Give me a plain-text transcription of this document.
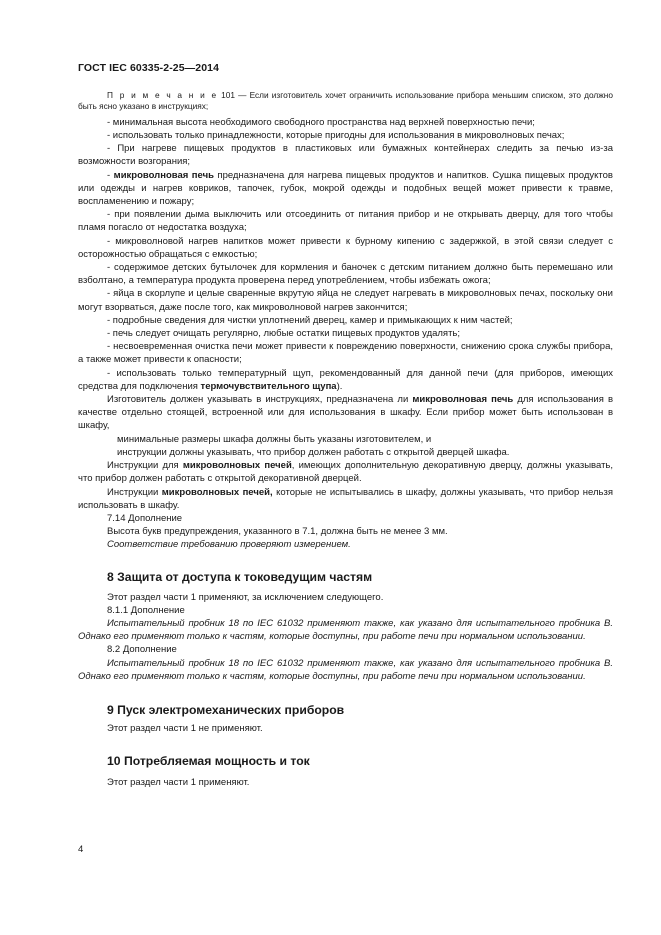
ГОСТ IEC 60335-2-25—2014

П р и м е ч а н и е 101 — Если изготовитель хочет ограничить использование прибора меньшим списком, это должно быть ясно указано в инструкциях;

- минимальная высота необходимого свободного пространства над верхней поверхностью печи;

- использовать только принадлежности, которые пригодны для использования в микроволновых печах;

- При нагреве пищевых продуктов в пластиковых или бумажных контейнерах следить за печью из-за возможности возгорания;

- микроволновая печь предназначена для нагрева пищевых продуктов и напитков. Сушка пищевых продуктов или одежды и нагрев ковриков, тапочек, губок, мокрой одежды и подобных вещей может привести к травме, воспламенению и пожару;

- при появлении дыма выключить или отсоединить от питания прибор и не открывать дверцу, для того чтобы пламя погасло от недостатка воздуха;

- микроволновой нагрев напитков может привести к бурному кипению с задержкой, в этой связи следует с осторожностью обращаться с емкостью;

- содержимое детских бутылочек для кормления и баночек с детским питанием должно быть перемешано или взболтано, а температура продукта проверена перед употреблением, чтобы избежать ожога;

- яйца в скорлупе и целые сваренные вкрутую яйца не следует нагревать в микроволновых печах, поскольку они могут взорваться, даже после того, как микроволновой нагрев закончится;

- подробные сведения для чистки уплотнений дверец, камер и примыкающих к ним частей;

- печь следует очищать регулярно, любые остатки пищевых продуктов удалять;

- несвоевременная очистка печи может привести к повреждению поверхности, снижению срока службы прибора, а также может привести к опасности;

- использовать только температурный щуп, рекомендованный для данной печи (для приборов, имеющих средства для подключения термочувствительного щупа).

Изготовитель должен указывать в инструкциях, предназначена ли микроволновая печь для использования в качестве отдельно стоящей, встроенной или для использования в шкафу. Если прибор может быть использован в шкафу,

минимальные размеры шкафа должны быть указаны изготовителем, и

инструкции должны указывать, что прибор должен работать с открытой дверцей шкафа.

Инструкции для микроволновых печей, имеющих дополнительную декоративную дверцу, должны указывать, что прибор должен работать с открытой декоративной дверцей.

Инструкции микроволновых печей, которые не испытывались в шкафу, должны указывать, что прибор нельзя использовать в шкафу.

7.14 Дополнение

Высота букв предупреждения, указанного в 7.1, должна быть не менее 3 мм.

Соответствие требованию проверяют измерением.

8 Защита от доступа к токоведущим частям

Этот раздел части 1 применяют, за исключением следующего.

8.1.1 Дополнение

Испытательный пробник 18 по IEC 61032 применяют также, как указано для испытательного пробника В. Однако его применяют только к частям, которые доступны, при работе печи при нормальном использовании.

8.2 Дополнение

Испытательный пробник 18 по IEC 61032 применяют также, как указано для испытательного пробника В. Однако его применяют только к частям, которые доступны, при работе печи при нормальном использовании.

9 Пуск электромеханических приборов

Этот раздел части 1 не применяют.

10 Потребляемая мощность и ток

Этот раздел части 1 применяют.

4
